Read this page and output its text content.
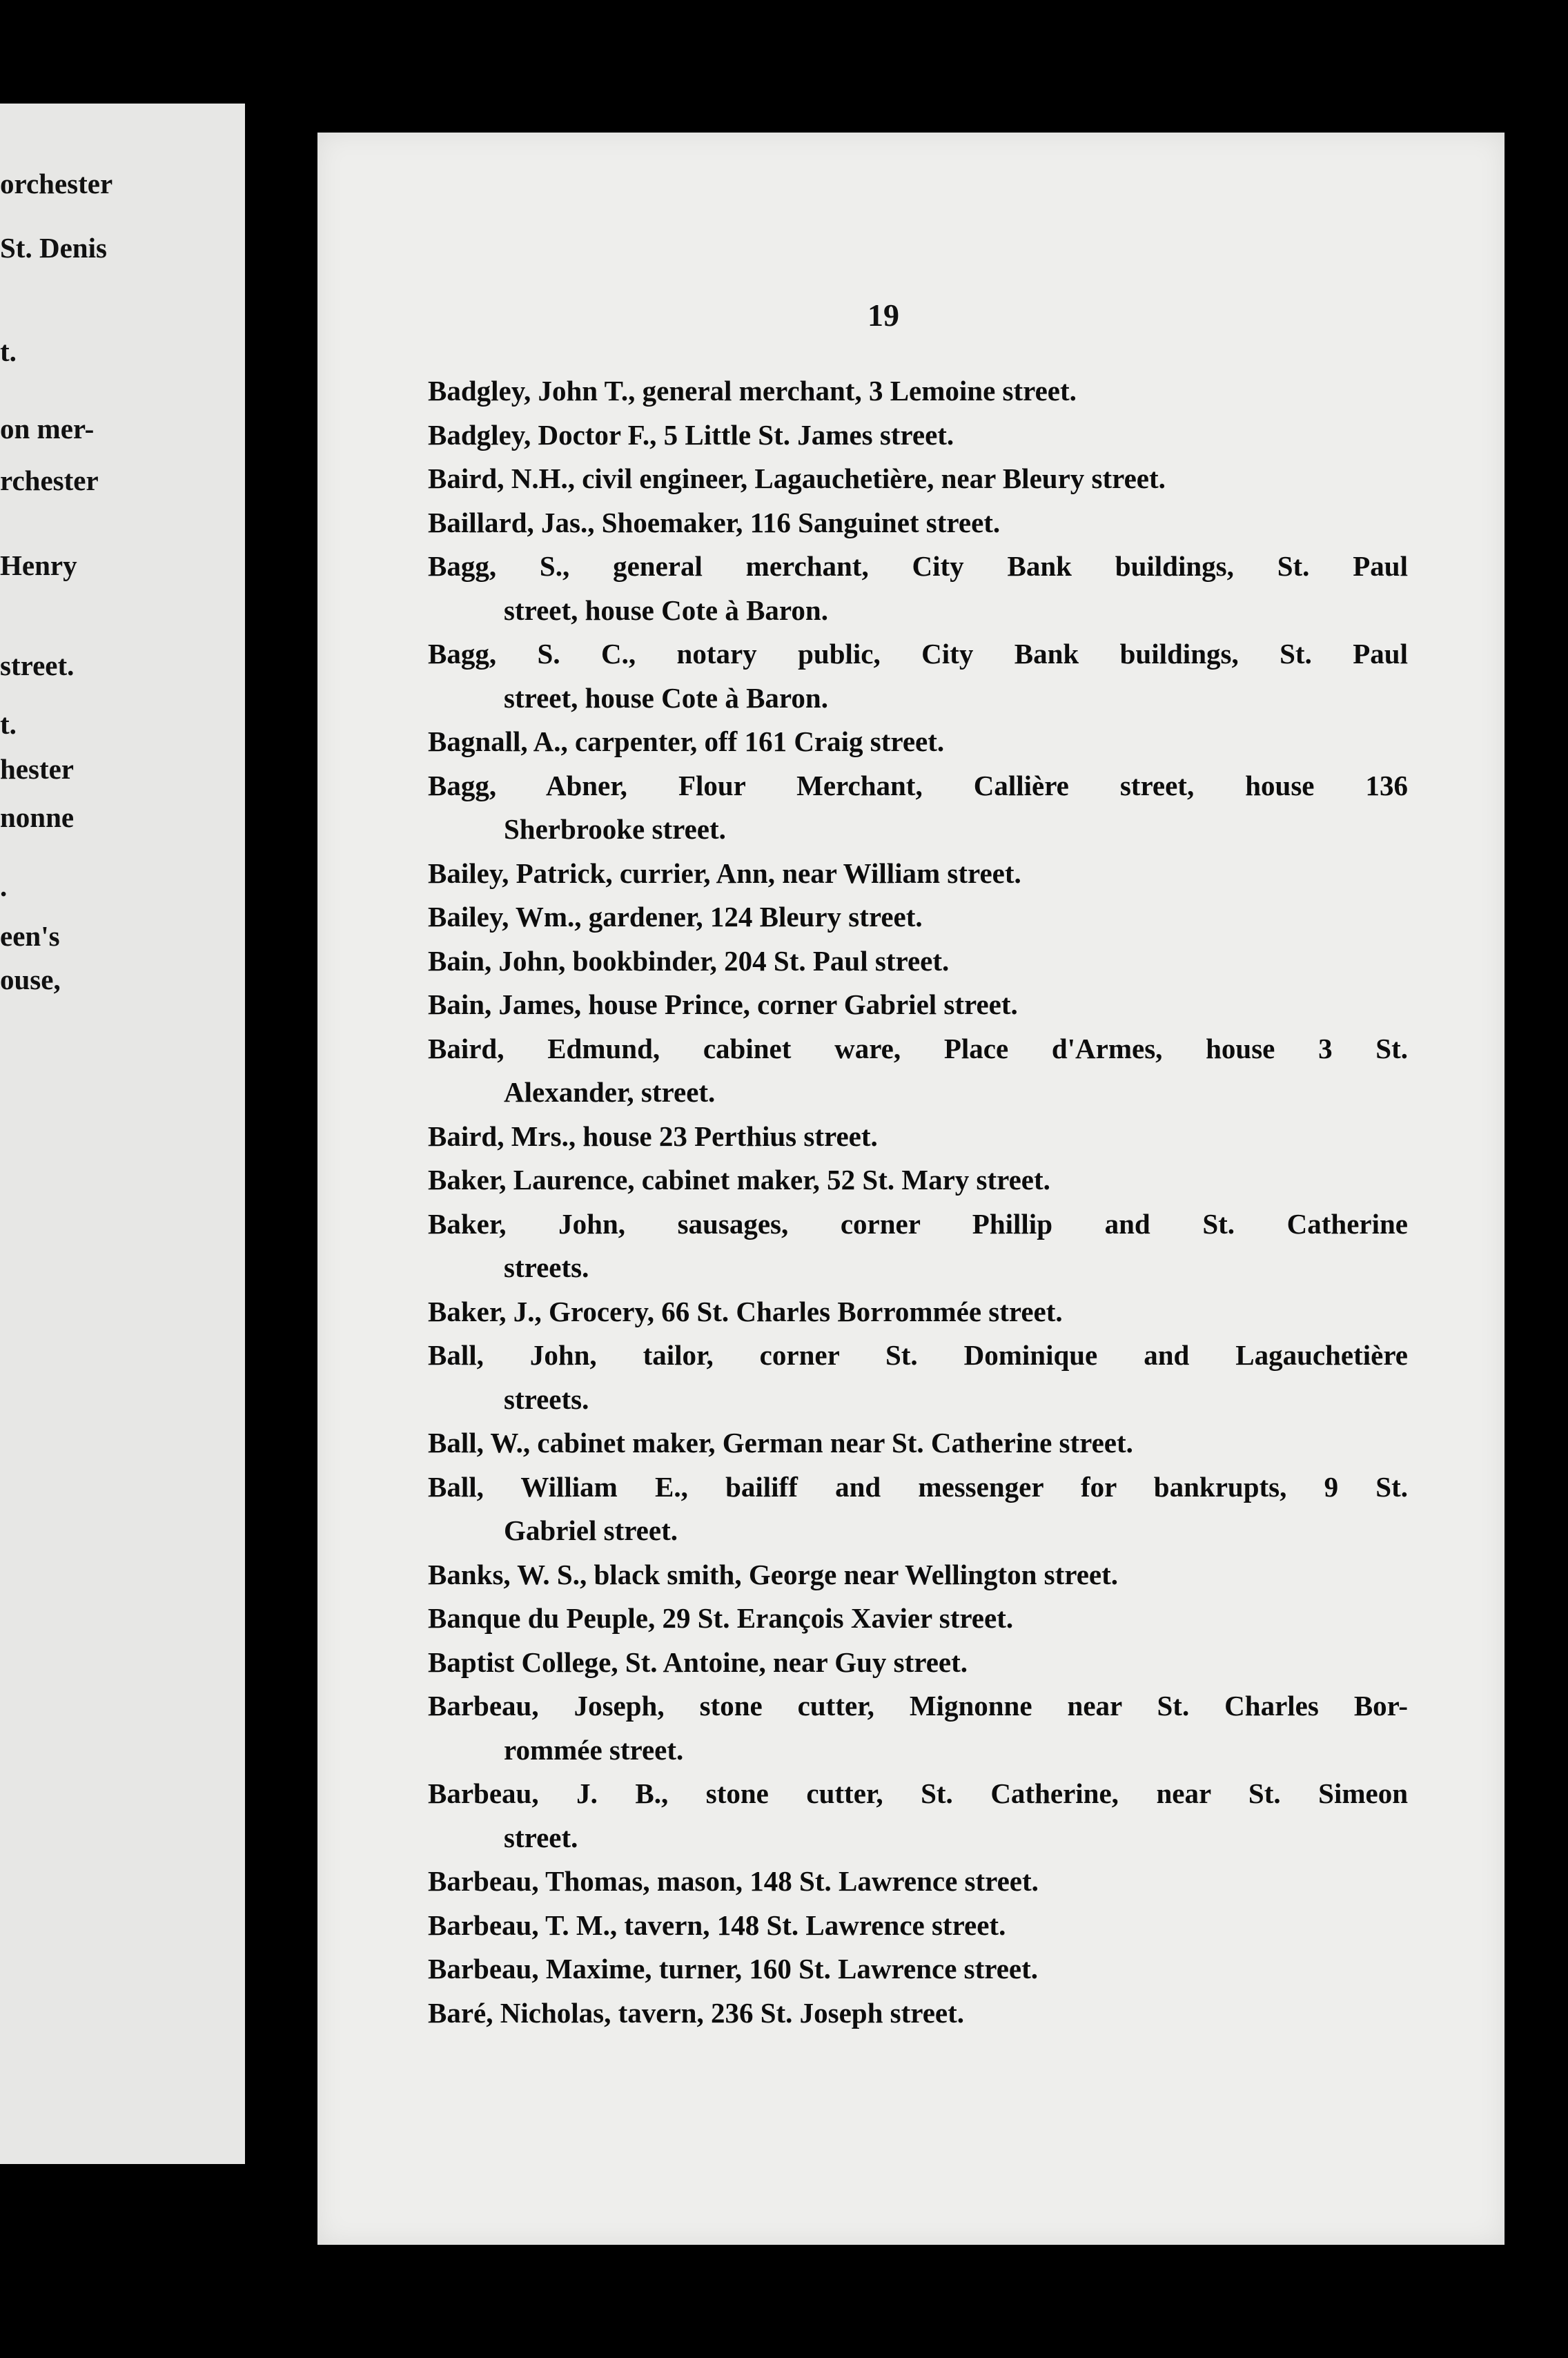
orchester
St. Denis
t.
on mer-
rchester
Henry
street.
t.
hester
nonne
.
een's
ouse,
19
Badgley, John T., general merchant, 3 Lemoine street.
Badgley, Doctor F., 5 Little St. James street.
Baird, N.H., civil engineer, Lagauchetière, near Bleury street.
Baillard, Jas., Shoemaker, 116 Sanguinet street.
Bagg, S., general merchant, City Bank buildings, St. Paul
street, house Cote à Baron.
Bagg, S. C., notary public, City Bank buildings, St. Paul
street, house Cote à Baron.
Bagnall, A., carpenter, off 161 Craig street.
Bagg, Abner, Flour Merchant, Callière street, house 136
Sherbrooke street.
Bailey, Patrick, currier, Ann, near William street.
Bailey, Wm., gardener, 124 Bleury street.
Bain, John, bookbinder, 204 St. Paul street.
Bain, James, house Prince, corner Gabriel street.
Baird, Edmund, cabinet ware, Place d'Armes, house 3 St.
Alexander, street.
Baird, Mrs., house 23 Perthius street.
Baker, Laurence, cabinet maker, 52 St. Mary street.
Baker, John, sausages, corner Phillip and St. Catherine
streets.
Baker, J., Grocery, 66 St. Charles Borrommée street.
Ball, John, tailor, corner St. Dominique and Lagauchetière
streets.
Ball, W., cabinet maker, German near St. Catherine street.
Ball, William E., bailiff and messenger for bankrupts, 9 St.
Gabriel street.
Banks, W. S., black smith, George near Wellington street.
Banque du Peuple, 29 St. Erançois Xavier street.
Baptist College, St. Antoine, near Guy street.
Barbeau, Joseph, stone cutter, Mignonne near St. Charles Bor-
rommée street.
Barbeau, J. B., stone cutter, St. Catherine, near St. Simeon
street.
Barbeau, Thomas, mason, 148 St. Lawrence street.
Barbeau, T. M., tavern, 148 St. Lawrence street.
Barbeau, Maxime, turner, 160 St. Lawrence street.
Baré, Nicholas, tavern, 236 St. Joseph street.
